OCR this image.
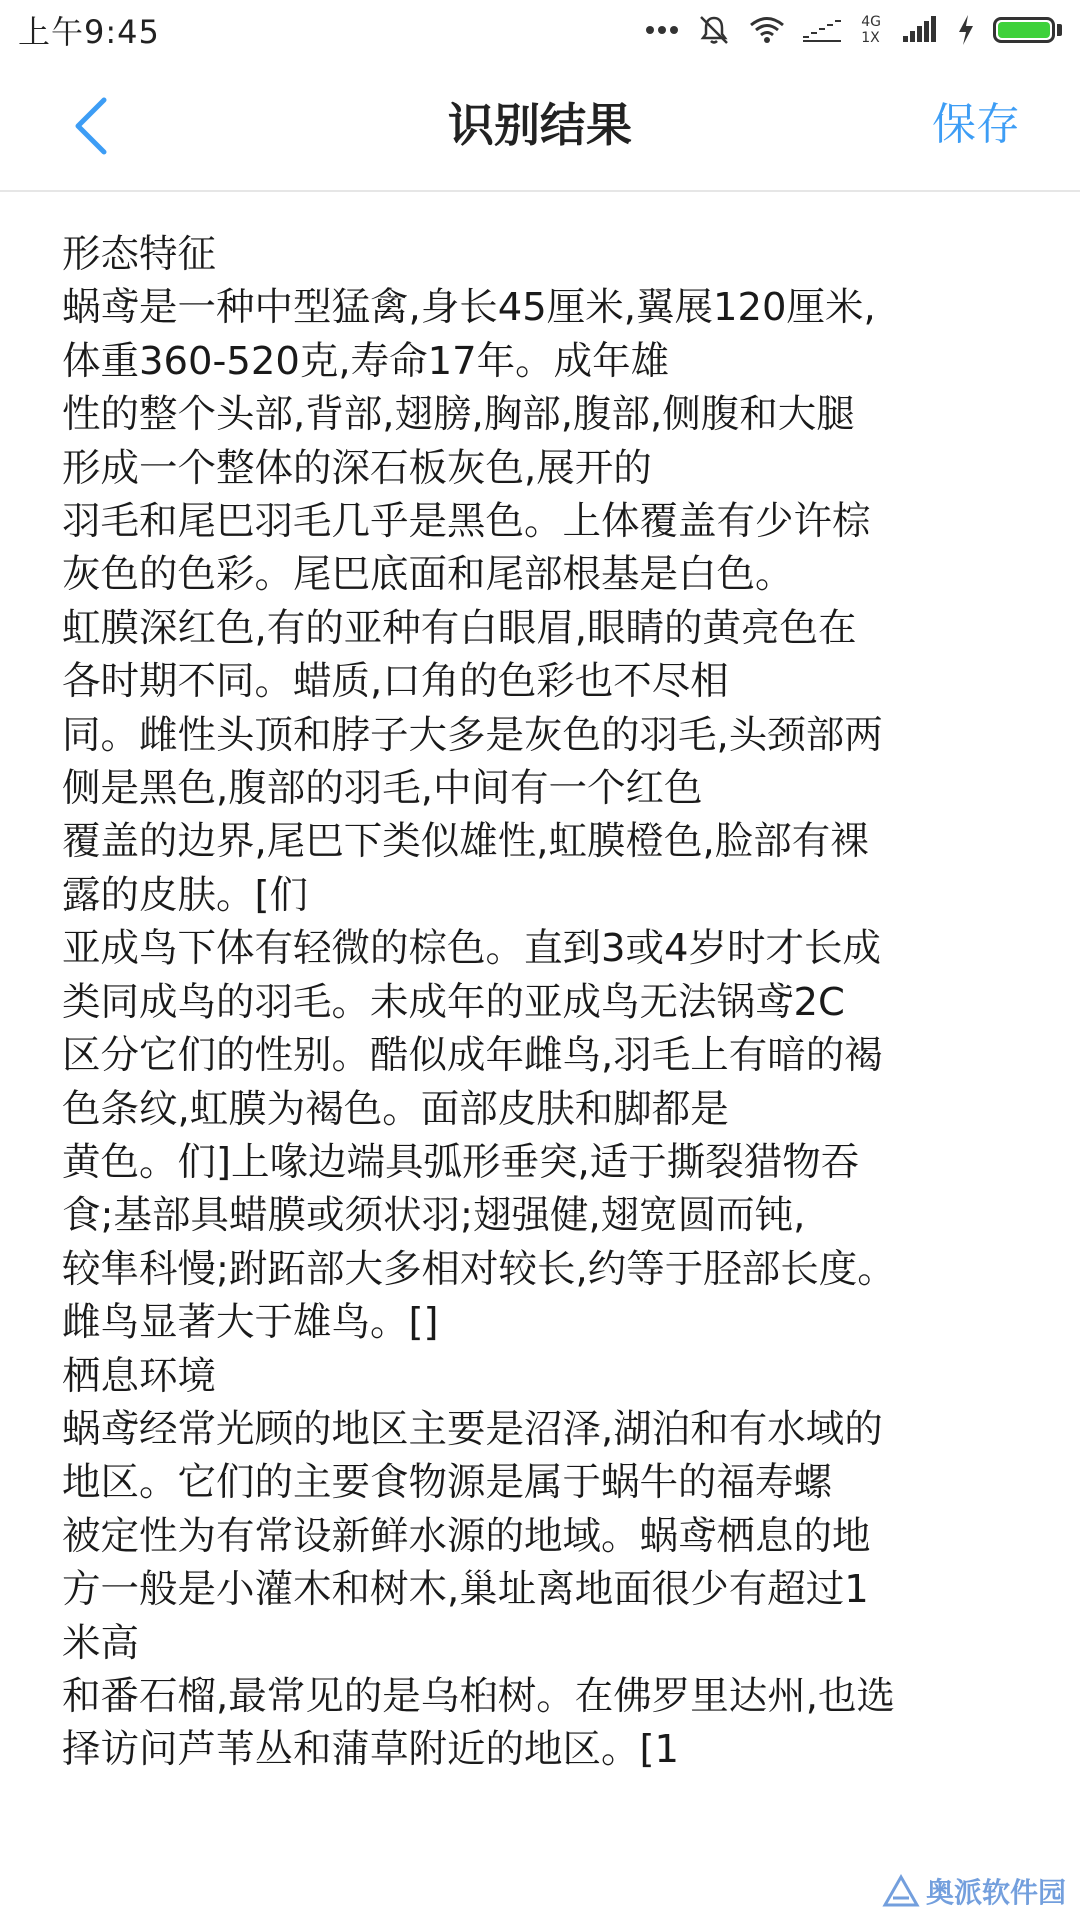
上午9:45	4G
1X
识别结果	保存
形态特征
蜗鸢是一种中型猛禽,身长45厘米,翼展120厘米,
体重360-520克,寿命17年。成年雄
性的整个头部,背部,翅膀,胸部,腹部,侧腹和大腿
形成一个整体的深石板灰色,展开的
羽毛和尾巴羽毛几乎是黑色。上体覆盖有少许棕
灰色的色彩。尾巴底面和尾部根基是白色。
虹膜深红色,有的亚种有白眼眉,眼睛的黄亮色在
各时期不同。蜡质,口角的色彩也不尽相
同。雌性头顶和脖子大多是灰色的羽毛,头颈部两
侧是黑色,腹部的羽毛,中间有一个红色
覆盖的边界,尾巴下类似雄性,虹膜橙色,脸部有裸
露的皮肤。[们
亚成鸟下体有轻微的棕色。直到3或4岁时才长成
类同成鸟的羽毛。未成年的亚成鸟无法锅鸢2C
区分它们的性别。酷似成年雌鸟,羽毛上有暗的褐
色条纹,虹膜为褐色。面部皮肤和脚都是
黄色。们]上喙边端具弧形垂突,适于撕裂猎物吞
食;基部具蜡膜或须状羽;翅强健,翅宽圆而钝,
较隼科慢;跗跖部大多相对较长,约等于胫部长度。
雌鸟显著大于雄鸟。[]
栖息环境
蜗鸢经常光顾的地区主要是沼泽,湖泊和有水域的
地区。它们的主要食物源是属于蜗牛的福寿螺
被定性为有常设新鲜水源的地域。蜗鸢栖息的地
方一般是小灌木和树木,巢址离地面很少有超过1
米高
和番石榴,最常见的是乌桕树。在佛罗里达州,也选
择访问芦苇丛和蒲草附近的地区。[1
奥派软件园
